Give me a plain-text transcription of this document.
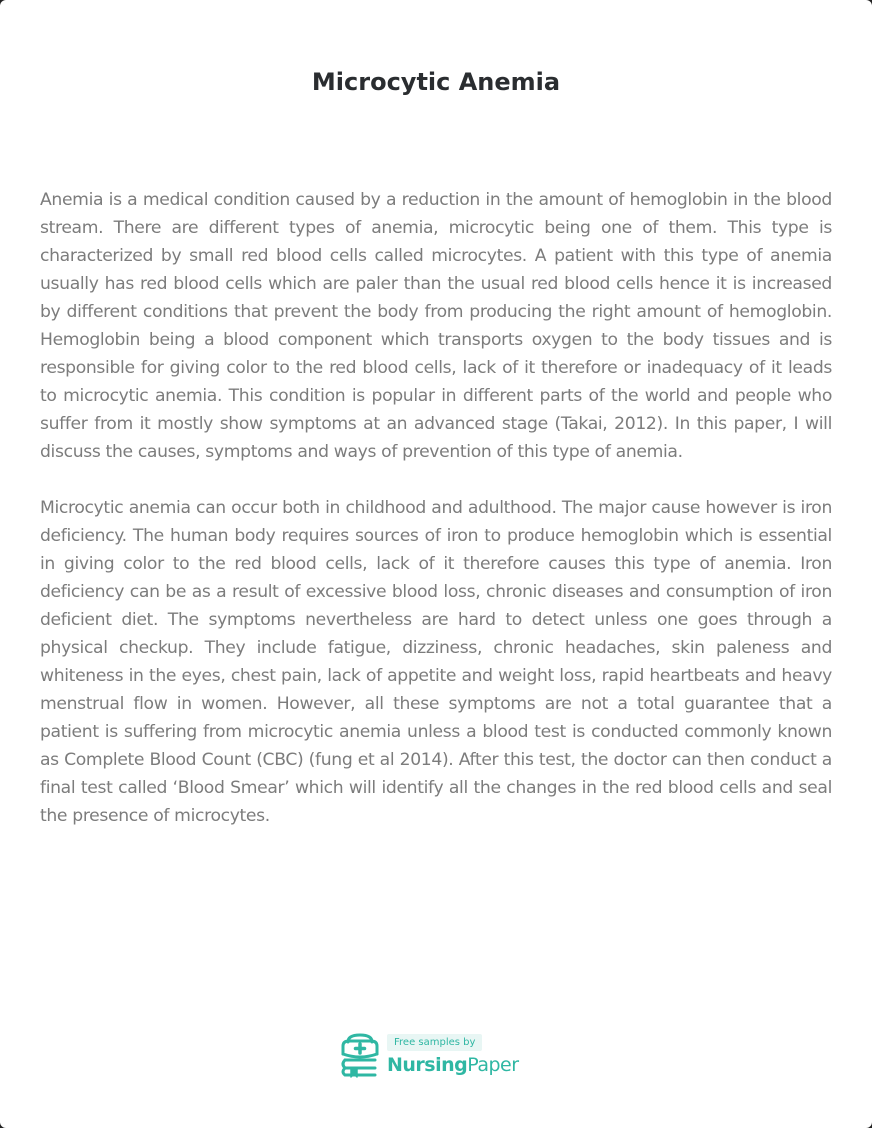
Microcytic Anemia

Anemia is a medical condition caused by a reduction in the amount of hemoglobin in the blood stream. There are different types of anemia, microcytic being one of them. This type is characterized by small red blood cells called microcytes. A patient with this type of anemia usually has red blood cells which are paler than the usual red blood cells hence it is increased by different conditions that prevent the body from producing the right amount of hemoglobin. Hemoglobin being a blood component which transports oxygen to the body tissues and is responsible for giving color to the red blood cells, lack of it therefore or inadequacy of it leads to microcytic anemia. This condition is popular in different parts of the world and people who suffer from it mostly show symptoms at an advanced stage (Takai, 2012). In this paper, I will discuss the causes, symptoms and ways of prevention of this type of anemia.

Microcytic anemia can occur both in childhood and adulthood. The major cause however is iron deficiency. The human body requires sources of iron to produce hemoglobin which is essential in giving color to the red blood cells, lack of it therefore causes this type of anemia. Iron deficiency can be as a result of excessive blood loss, chronic diseases and consumption of iron deficient diet. The symptoms nevertheless are hard to detect unless one goes through a physical checkup. They include fatigue, dizziness, chronic headaches, skin paleness and whiteness in the eyes, chest pain, lack of appetite and weight loss, rapid heartbeats and heavy menstrual flow in women. However, all these symptoms are not a total guarantee that a patient is suffering from microcytic anemia unless a blood test is conducted commonly known as Complete Blood Count (CBC) (fung et al 2014). After this test, the doctor can then conduct a final test called ‘Blood Smear’ which will identify all the changes in the red blood cells and seal the presence of microcytes.

Free samples by
NursingPaper
